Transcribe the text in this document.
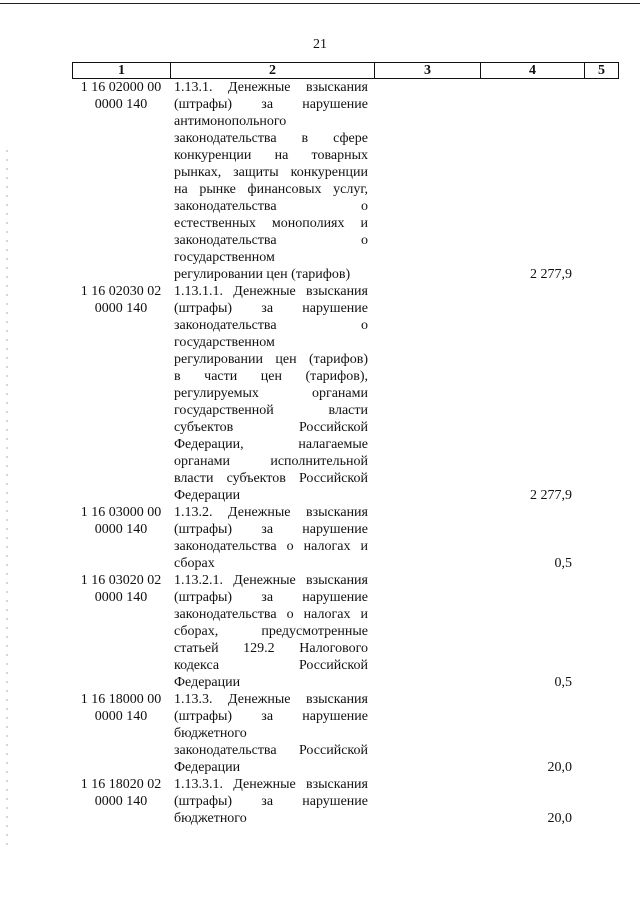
21
1	2	3	4	5
1 16 02000 00
0000 140
1.13.1. Денежные взыскания
(штрафы) за нарушение
антимонопольного
законодательства в сфере
конкуренции на товарных
рынках, защиты конкуренции
на рынке финансовых услуг,
законодательства о
естественных монополиях и
законодательства о
государственном
регулировании цен (тарифов)	2 277,9
1 16 02030 02
0000 140
1.13.1.1. Денежные взыскания
(штрафы) за нарушение
законодательства о
государственном
регулировании цен (тарифов)
в части цен (тарифов),
регулируемых органами
государственной власти
субъектов Российской
Федерации, налагаемые
органами исполнительной
власти субъектов Российской
Федерации	2 277,9
1 16 03000 00
0000 140
1.13.2. Денежные взыскания
(штрафы) за нарушение
законодательства о налогах и
сборах	0,5
1 16 03020 02
0000 140
1.13.2.1. Денежные взыскания
(штрафы) за нарушение
законодательства о налогах и
сборах, предусмотренные
статьей 129.2 Налогового
кодекса Российской
Федерации	0,5
1 16 18000 00
0000 140
1.13.3. Денежные взыскания
(штрафы) за нарушение
бюджетного
законодательства Российской
Федерации	20,0
1 16 18020 02
0000 140
1.13.3.1. Денежные взыскания
(штрафы) за нарушение
бюджетного	20,0
